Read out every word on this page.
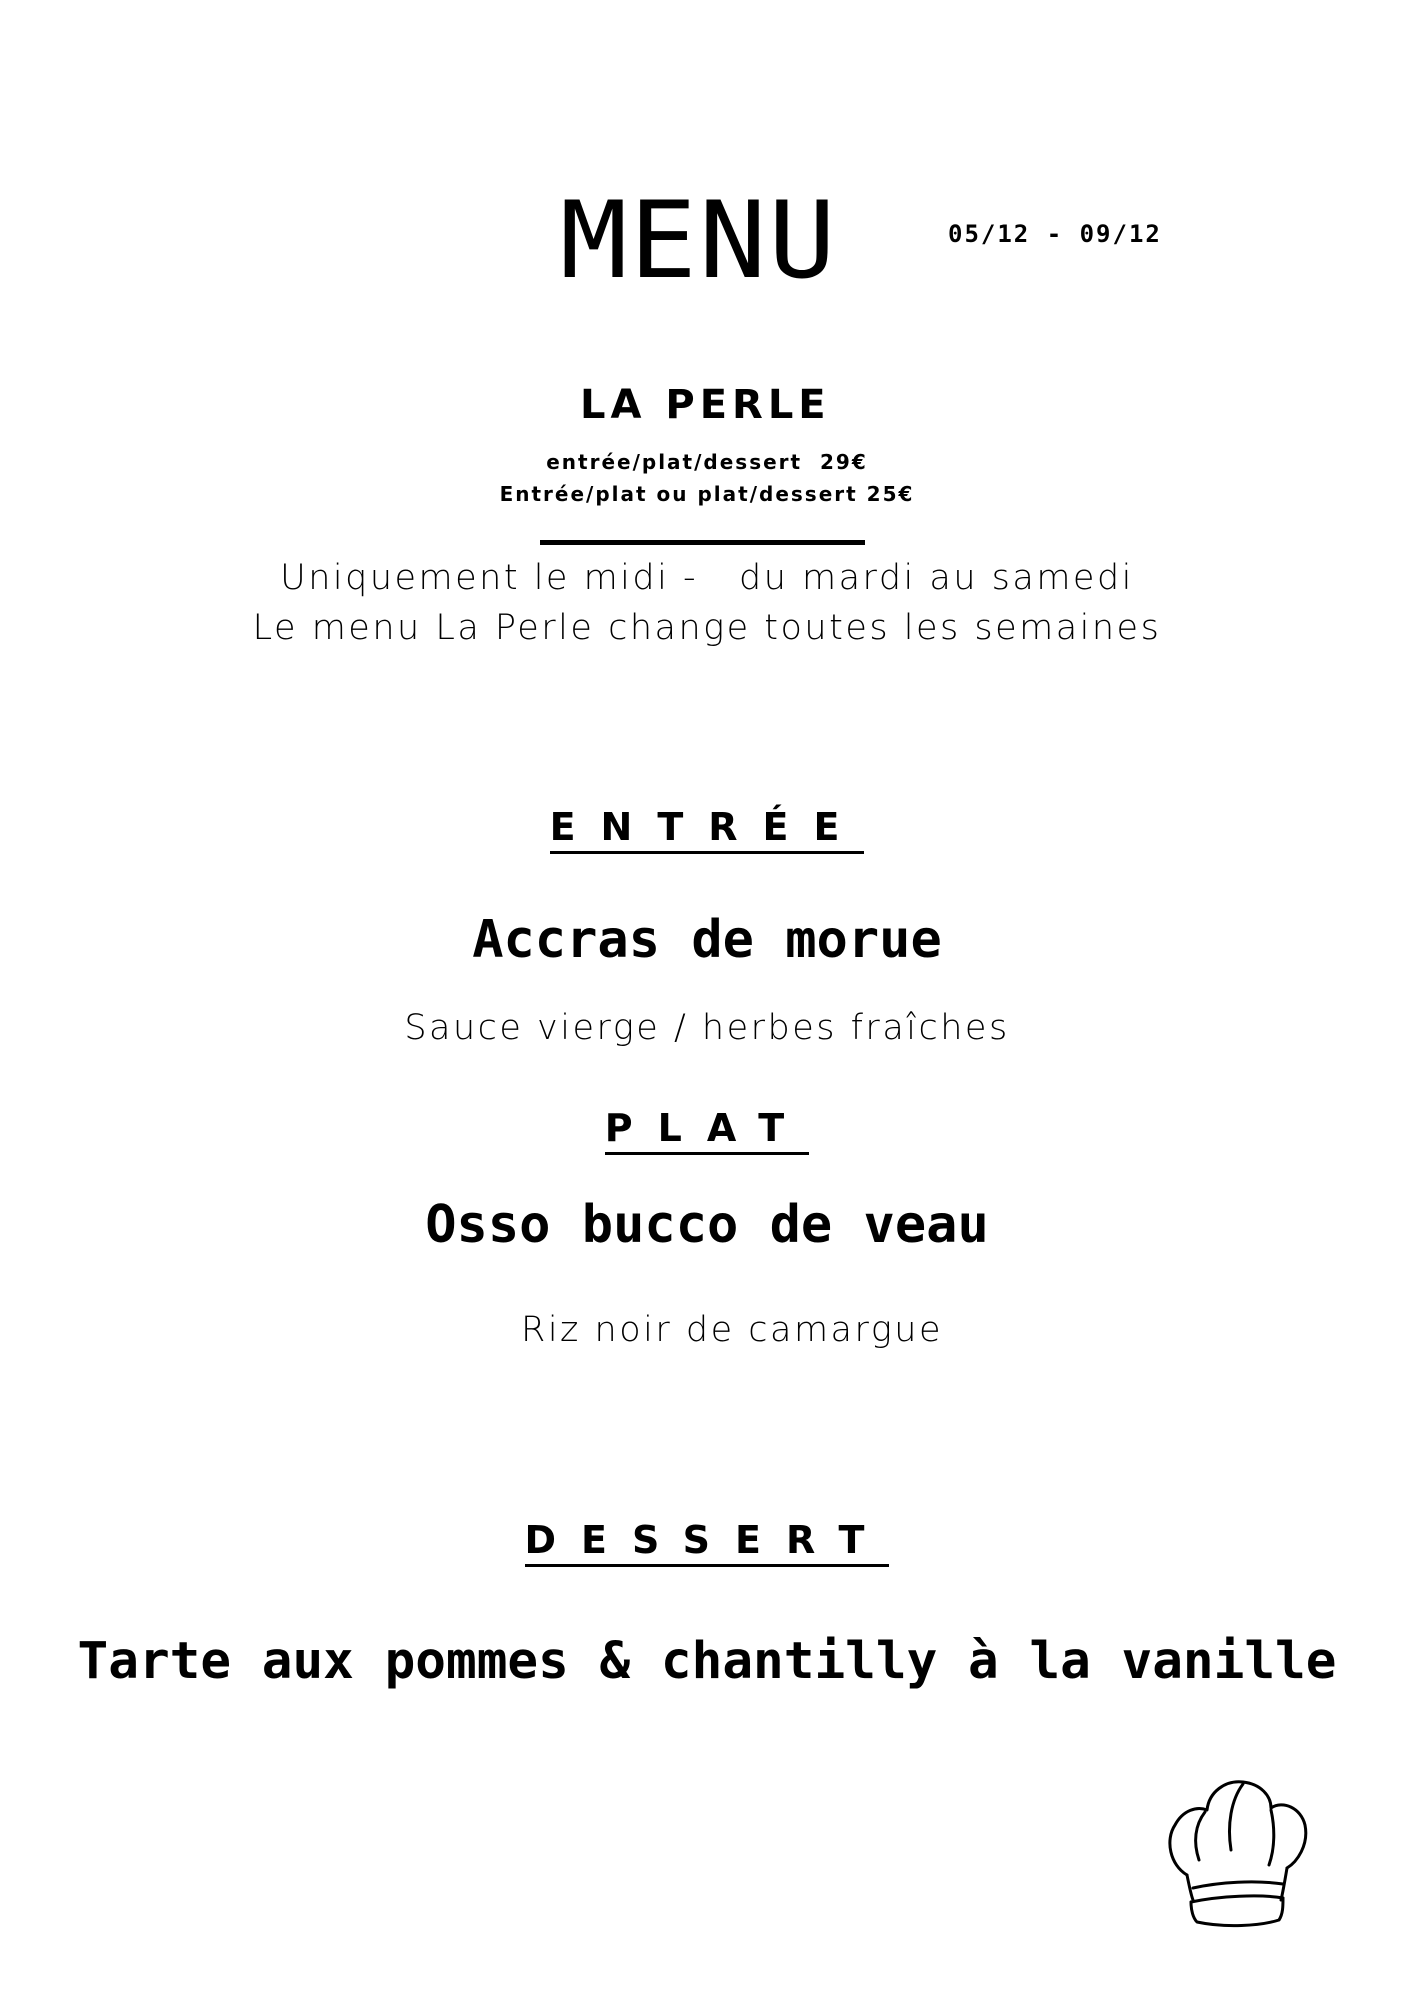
MENU	05/12 - 09/12
LA PERLE
entrée/plat/dessert  29€
Entrée/plat ou plat/dessert 25€
Uniquement le midi -   du mardi au samedi
Le menu La Perle change toutes les semaines
ENTRÉE
Accras de morue
Sauce vierge / herbes fraîches
PLAT
Osso bucco de veau
Riz noir de camargue
DESSERT
Tarte aux pommes & chantilly à la vanille
